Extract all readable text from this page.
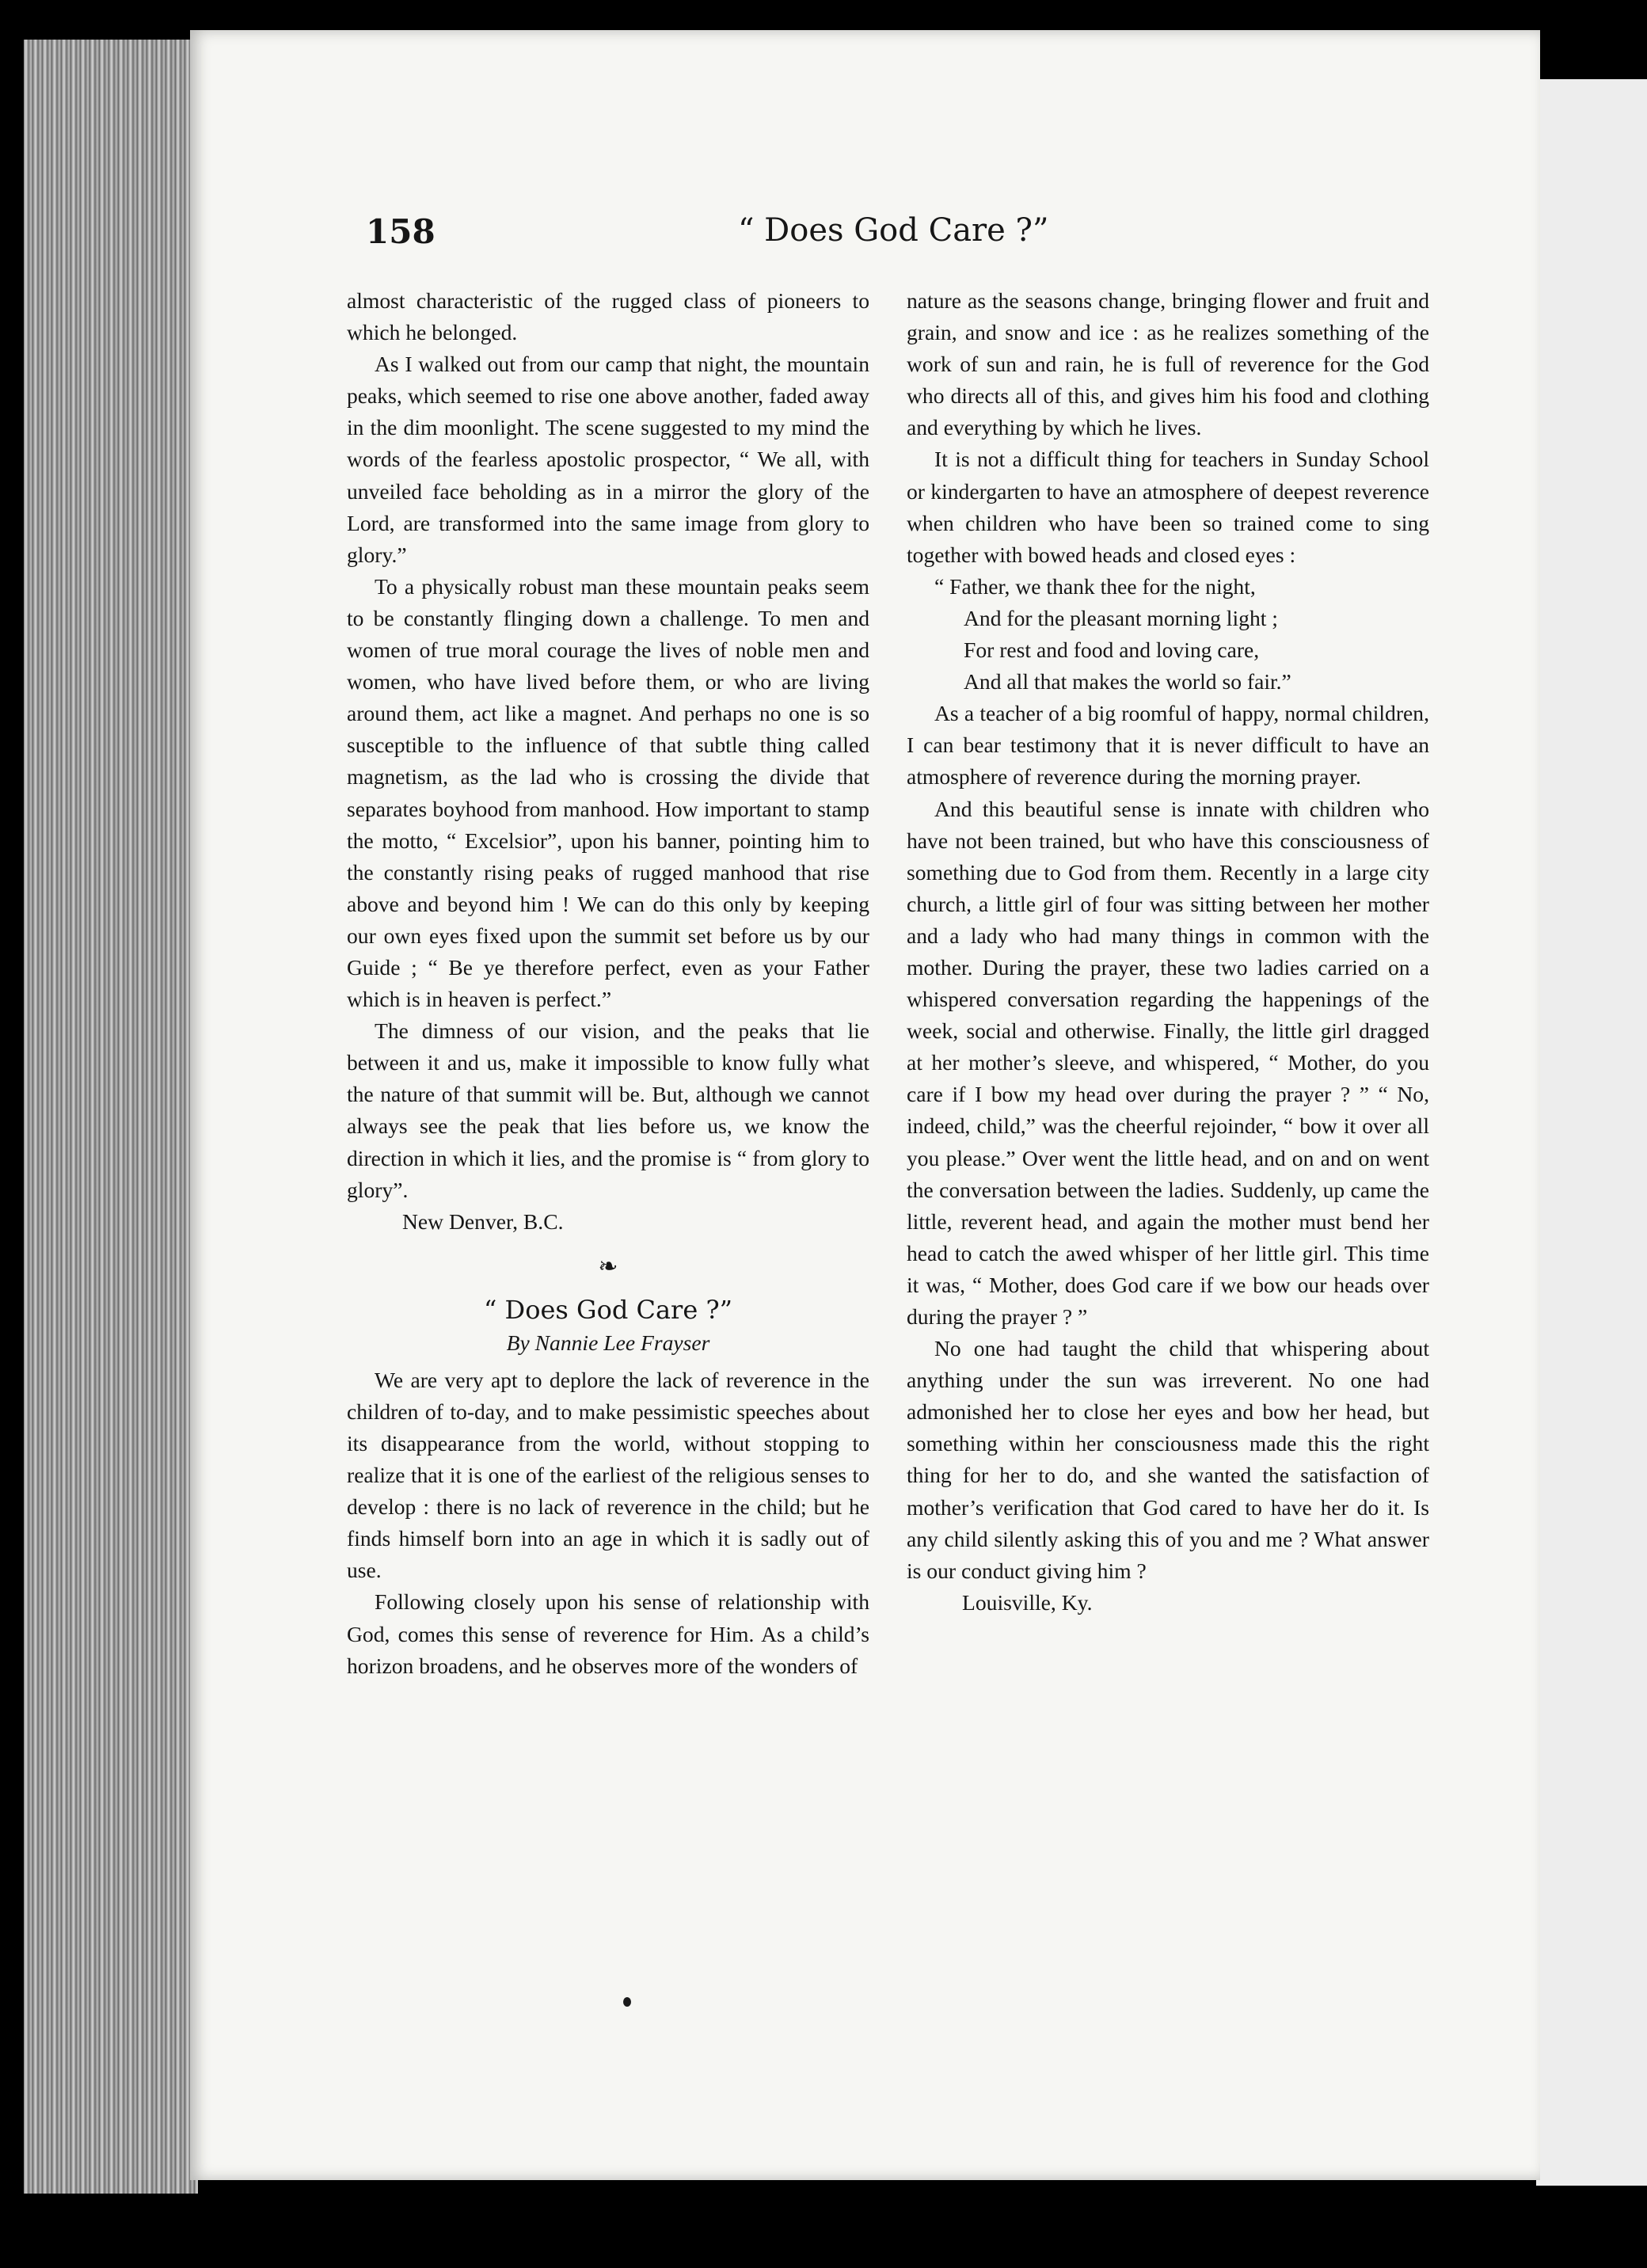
158	“ Does God Care ?”

almost characteristic of the rugged class of pioneers to which he belonged.

As I walked out from our camp that night, the mountain peaks, which seemed to rise one above another, faded away in the dim moonlight. The scene suggested to my mind the words of the fearless apostolic prospector, “ We all, with unveiled face beholding as in a mirror the glory of the Lord, are transformed into the same image from glory to glory.”

To a physically robust man these mountain peaks seem to be constantly flinging down a challenge. To men and women of true moral courage the lives of noble men and women, who have lived before them, or who are living around them, act like a magnet. And perhaps no one is so susceptible to the influence of that subtle thing called magnetism, as the lad who is crossing the divide that separates boyhood from manhood. How important to stamp the motto, “ Excelsior”, upon his banner, pointing him to the constantly rising peaks of rugged manhood that rise above and beyond him ! We can do this only by keeping our own eyes fixed upon the summit set before us by our Guide ; “ Be ye therefore perfect, even as your Father which is in heaven is perfect.”

The dimness of our vision, and the peaks that lie between it and us, make it impossible to know fully what the nature of that summit will be. But, although we cannot always see the peak that lies before us, we know the direction in which it lies, and the promise is “ from glory to glory”.

New Denver, B.C.

❧
“ Does God Care ?”
By Nannie Lee Frayser

We are very apt to deplore the lack of reverence in the children of to-day, and to make pessimistic speeches about its disappearance from the world, without stopping to realize that it is one of the earliest of the religious senses to develop : there is no lack of reverence in the child; but he finds himself born into an age in which it is sadly out of use.

Following closely upon his sense of relationship with God, comes this sense of reverence for Him. As a child’s horizon broadens, and he observes more of the wonders of

nature as the seasons change, bringing flower and fruit and grain, and snow and ice : as he realizes something of the work of sun and rain, he is full of reverence for the God who directs all of this, and gives him his food and clothing and everything by which he lives.

It is not a difficult thing for teachers in Sunday School or kindergarten to have an atmosphere of deepest reverence when children who have been so trained come to sing together with bowed heads and closed eyes :

“ Father, we thank thee for the night,
And for the pleasant morning light ;
For rest and food and loving care,
And all that makes the world so fair.”

As a teacher of a big roomful of happy, normal children, I can bear testimony that it is never difficult to have an atmosphere of reverence during the morning prayer.

And this beautiful sense is innate with children who have not been trained, but who have this consciousness of something due to God from them. Recently in a large city church, a little girl of four was sitting between her mother and a lady who had many things in common with the mother. During the prayer, these two ladies carried on a whispered conversation regarding the happenings of the week, social and otherwise. Finally, the little girl dragged at her mother’s sleeve, and whispered, “ Mother, do you care if I bow my head over during the prayer ? ” “ No, indeed, child,” was the cheerful rejoinder, “ bow it over all you please.” Over went the little head, and on and on went the conversation between the ladies. Suddenly, up came the little, reverent head, and again the mother must bend her head to catch the awed whisper of her little girl. This time it was, “ Mother, does God care if we bow our heads over during the prayer ? ”

No one had taught the child that whispering about anything under the sun was irreverent. No one had admonished her to close her eyes and bow her head, but something within her consciousness made this the right thing for her to do, and she wanted the satisfaction of mother’s verification that God cared to have her do it. Is any child silently asking this of you and me ? What answer is our conduct giving him ?

Louisville, Ky.
